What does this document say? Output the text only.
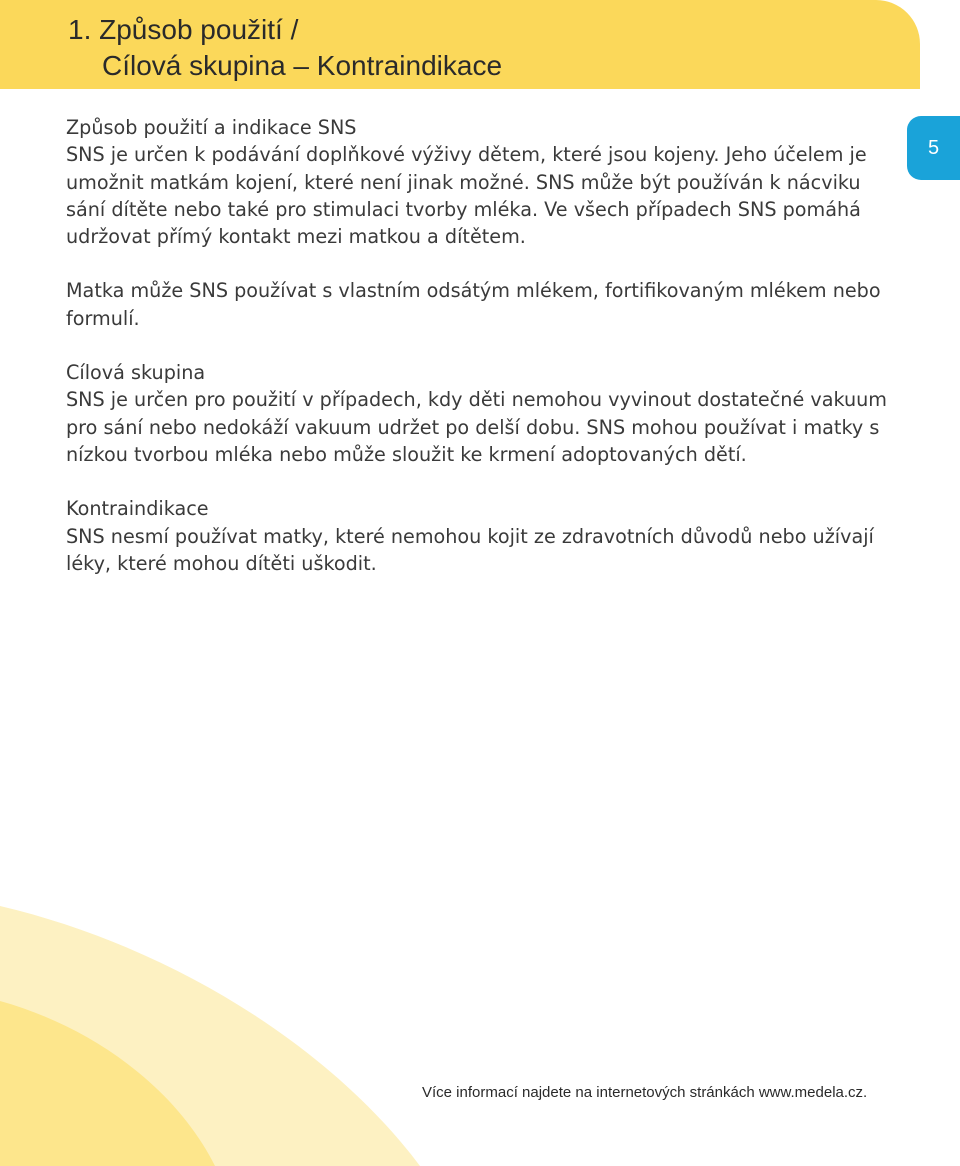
1. Způsob použití /
Cílová skupina – Kontraindikace
5

Způsob použití a indikace SNS

SNS je určen k podávání doplňkové výživy dětem, které jsou kojeny. Jeho účelem je umožnit matkám kojení, které není jinak možné. SNS může být používán k nácviku sání dítěte nebo také pro stimulaci tvorby mléka. Ve všech případech SNS pomáhá udržovat přímý kontakt mezi matkou a dítětem.

Matka může SNS používat s vlastním odsátým mlékem, fortifikovaným mlékem nebo formulí.

Cílová skupina

SNS je určen pro použití v případech, kdy děti nemohou vyvinout dostatečné vakuum pro sání nebo nedokáží vakuum udržet po delší dobu. SNS mohou používat i matky s nízkou tvorbou mléka nebo může sloužit ke krmení adoptovaných dětí.

Kontraindikace

SNS nesmí používat matky, které nemohou kojit ze zdravotních důvodů nebo užívají léky, které mohou dítěti uškodit.

Více informací najdete na internetových stránkách www.medela.cz.
